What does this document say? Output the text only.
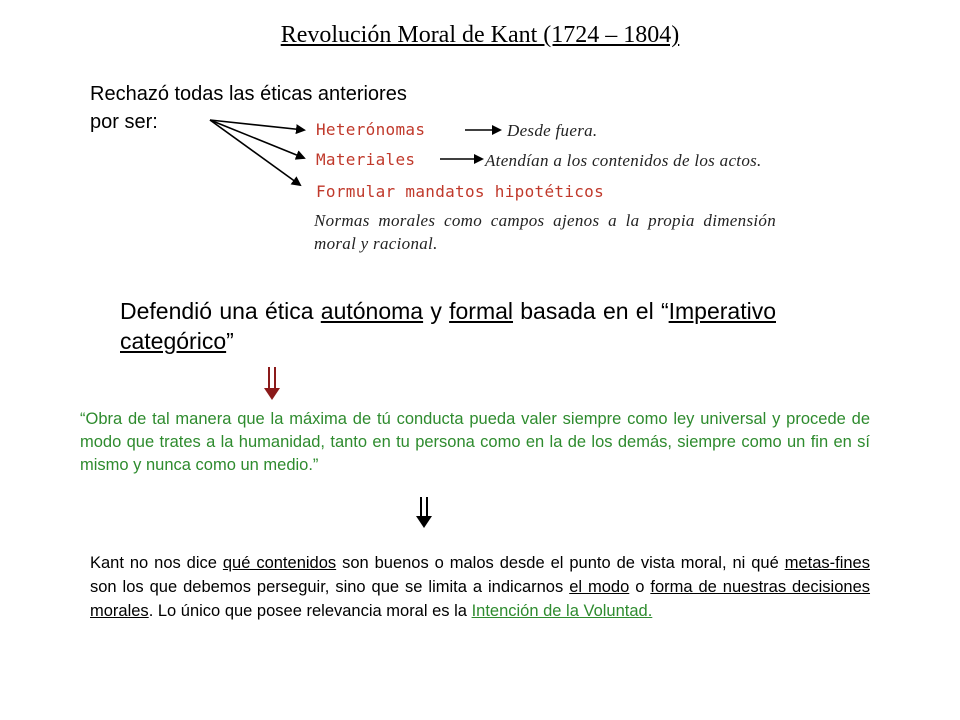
Revolución Moral de Kant (1724 – 1804)
Rechazó todas las éticas anteriores
por ser:	Heterónomas
Materiales
Formular mandatos hipotéticos
Desde fuera.
Atendían a los contenidos de los actos.
Normas morales como campos ajenos a la propia dimensión moral y racional.
Defendió una ética autónoma y formal basada en el “Imperativo categórico”
“Obra de tal manera que la máxima de tú conducta pueda valer siempre como ley universal y procede de modo que trates a la humanidad, tanto en tu persona como en la de los demás, siempre como un fin en sí mismo y nunca como un medio.”
Kant no nos dice qué contenidos son buenos o malos desde el punto de vista moral, ni qué metas-fines son los que debemos perseguir, sino que se limita a indicarnos el modo o forma de nuestras decisiones morales. Lo único que posee relevancia moral es la Intención de la Voluntad.
